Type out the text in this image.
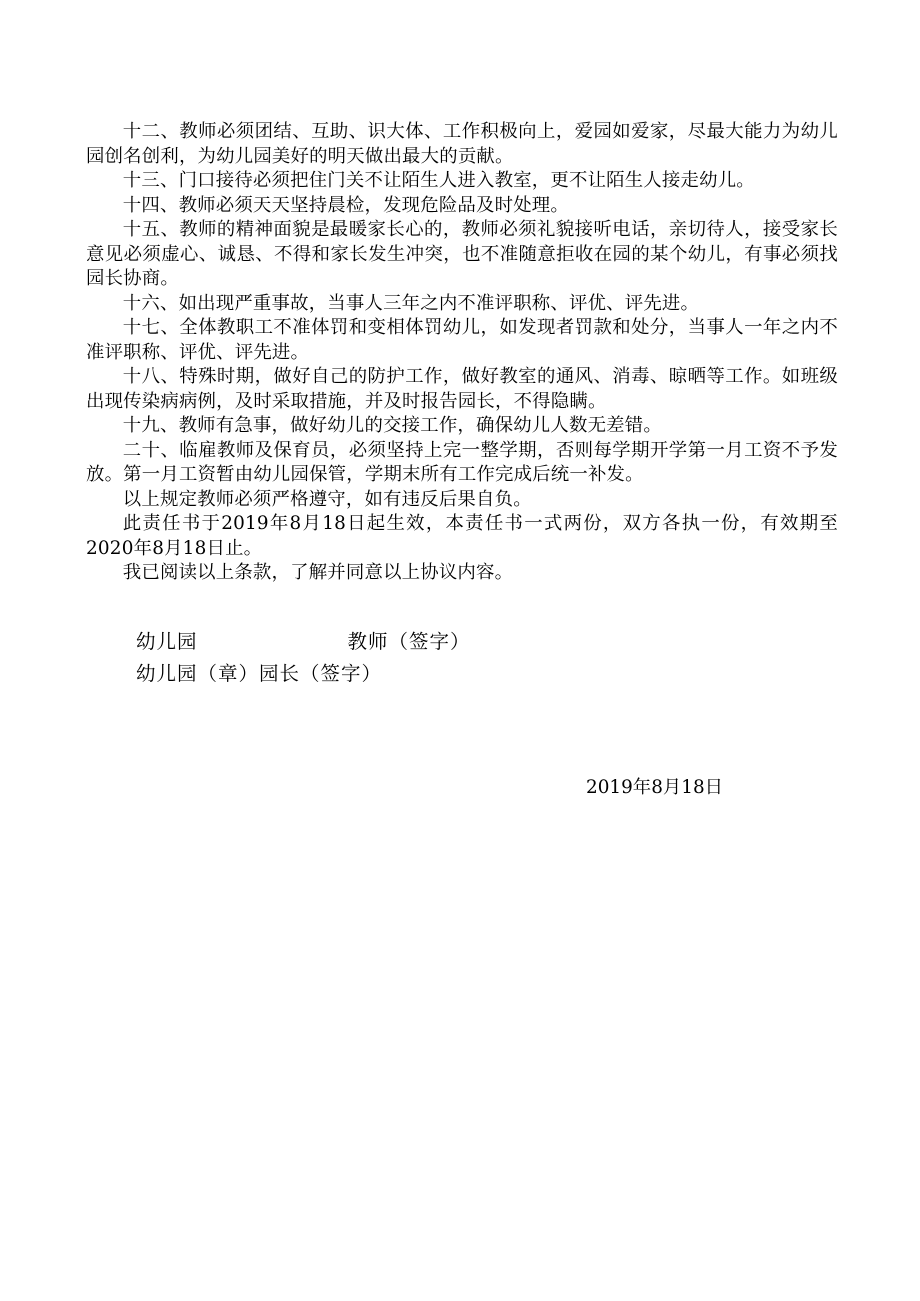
十二、教师必须团结、互助、识大体、工作积极向上，爱园如爱家，尽最大能力为幼儿园创名创利，为幼儿园美好的明天做出最大的贡献。

十三、门口接待必须把住门关不让陌生人进入教室，更不让陌生人接走幼儿。

十四、教师必须天天坚持晨检，发现危险品及时处理。

十五、教师的精神面貌是最暖家长心的，教师必须礼貌接听电话，亲切待人，接受家长意见必须虚心、诚恳、不得和家长发生冲突，也不准随意拒收在园的某个幼儿，有事必须找园长协商。

十六、如出现严重事故，当事人三年之内不准评职称、评优、评先进。

十七、全体教职工不准体罚和变相体罚幼儿，如发现者罚款和处分，当事人一年之内不准评职称、评优、评先进。

十八、特殊时期，做好自己的防护工作，做好教室的通风、消毒、晾晒等工作。如班级出现传染病病例，及时采取措施，并及时报告园长，不得隐瞒。

十九、教师有急事，做好幼儿的交接工作，确保幼儿人数无差错。

二十、临雇教师及保育员，必须坚持上完一整学期，否则每学期开学第一月工资不予发放。第一月工资暂由幼儿园保管，学期末所有工作完成后统一补发。

以上规定教师必须严格遵守，如有违反后果自负。

此责任书于2019年8月18日起生效，本责任书一式两份，双方各执一份，有效期至2020年8月18日止。

我已阅读以上条款，了解并同意以上协议内容。

幼儿园	教师（签字）
幼儿园（章）园长（签字）
2019年8月18日
